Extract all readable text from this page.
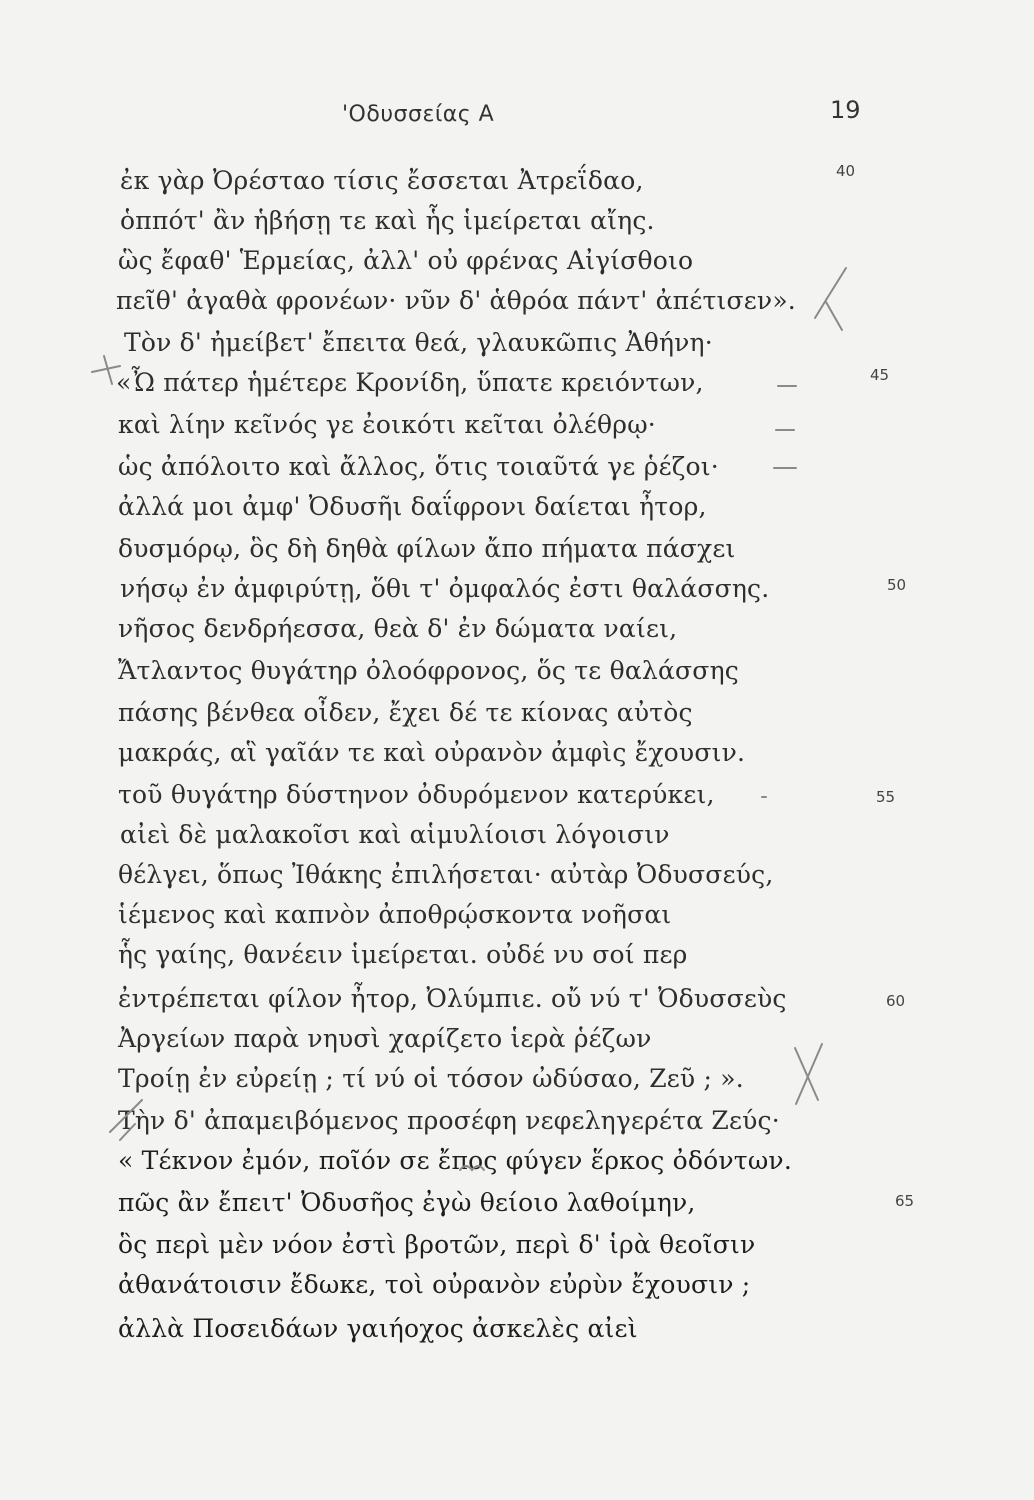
'Οδυσσείας Α	19
ἐκ γὰρ Ὀρέσταο τίσις ἔσσεται Ἀτρεΐδαο,	40
ὁππότ' ἂν ἡβήσῃ τε καὶ ἧς ἱμείρεται αἴης.
ὣς ἔφαθ' Ἑρμείας, ἀλλ' οὐ φρένας Αἰγίσθοιο
πεῖθ' ἀγαθὰ φρονέων· νῦν δ' ἁθρόα πάντ' ἀπέτισεν».
Τὸν δ' ἠμείβετ' ἔπειτα θεά, γλαυκῶπις Ἀθήνη·
«Ὦ πάτερ ἡμέτερε Κρονίδη, ὕπατε κρειόντων,	45
καὶ λίην κεῖνός γε ἐοικότι κεῖται ὀλέθρῳ·
ὡς ἀπόλοιτο καὶ ἄλλος, ὅτις τοιαῦτά γε ῥέζοι·
ἀλλά μοι ἀμφ' Ὀδυσῆι δαΐφρονι δαίεται ἦτορ,
δυσμόρῳ, ὃς δὴ δηθὰ φίλων ἄπο πήματα πάσχει
νήσῳ ἐν ἀμφιρύτῃ, ὅθι τ' ὀμφαλός ἐστι θαλάσσης.	50
νῆσος δενδρήεσσα, θεὰ δ' ἐν δώματα ναίει,
Ἄτλαντος θυγάτηρ ὀλοόφρονος, ὅς τε θαλάσσης
πάσης βένθεα οἶδεν, ἔχει δέ τε κίονας αὐτὸς
μακράς, αἳ γαῖάν τε καὶ οὐρανὸν ἀμφὶς ἔχουσιν.
τοῦ θυγάτηρ δύστηνον ὀδυρόμενον κατερύκει,	55
αἰεὶ δὲ μαλακοῖσι καὶ αἱμυλίοισι λόγοισιν
θέλγει, ὅπως Ἰθάκης ἐπιλήσεται· αὐτὰρ Ὀδυσσεύς,
ἱέμενος καὶ καπνὸν ἀποθρῴσκοντα νοῆσαι
ἧς γαίης, θανέειν ἱμείρεται. οὐδέ νυ σοί περ
ἐντρέπεται φίλον ἦτορ, Ὀλύμπιε. οὔ νύ τ' Ὀδυσσεὺς	60
Ἀργείων παρὰ νηυσὶ χαρίζετο ἱερὰ ῥέζων
Τροίῃ ἐν εὐρείῃ ; τί νύ οἱ τόσον ὠδύσαο, Ζεῦ ; ».
Τὴν δ' ἀπαμειβόμενος προσέφη νεφεληγερέτα Ζεύς·
« Τέκνον ἐμόν, ποῖόν σε ἔπος φύγεν ἕρκος ὀδόντων.
πῶς ἂν ἔπειτ' Ὀδυσῆος ἐγὼ θείοιο λαθοίμην,	65
ὃς περὶ μὲν νόον ἐστὶ βροτῶν, περὶ δ' ἱρὰ θεοῖσιν
ἀθανάτοισιν ἔδωκε, τοὶ οὐρανὸν εὐρὺν ἔχουσιν ;
ἀλλὰ Ποσειδάων γαιήοχος ἀσκελὲς αἰεὶ
